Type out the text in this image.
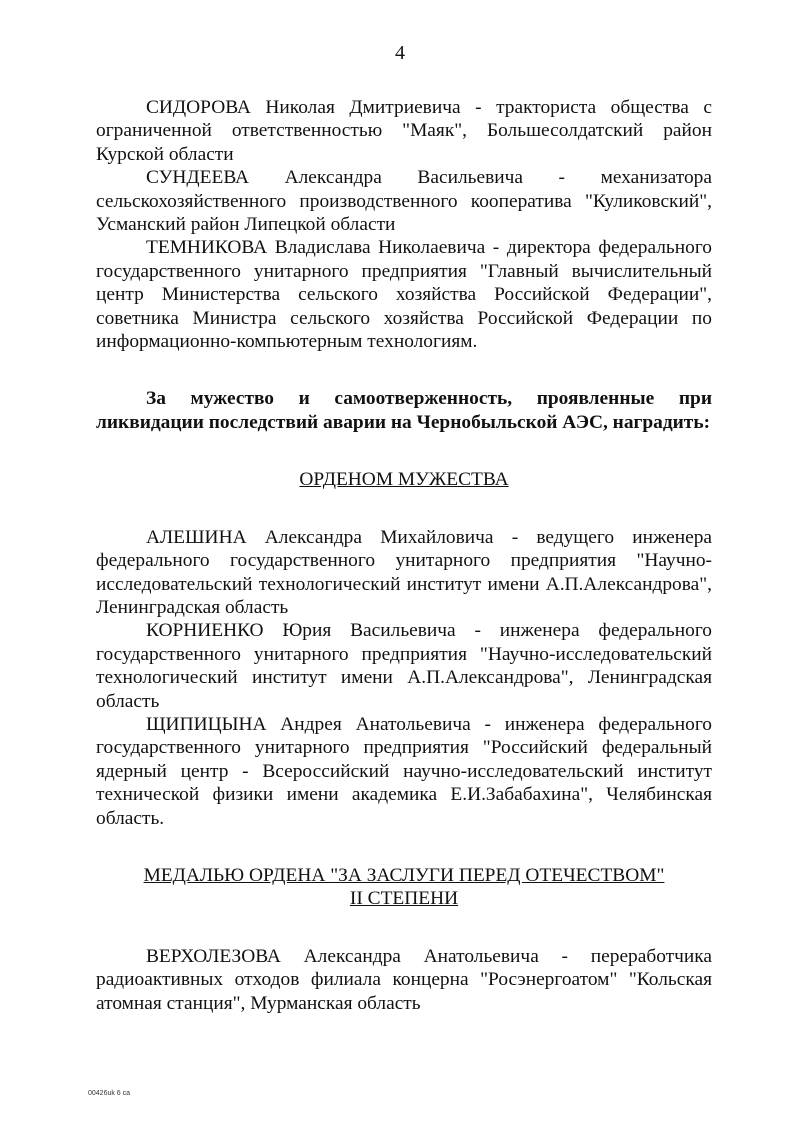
4

СИДОРОВА Николая Дмитриевича - тракториста общества с ограниченной ответственностью "Маяк", Большесолдатский район Курской области

СУНДЕЕВА Александра Васильевича - механизатора сельскохозяйственного производственного кооператива "Куликовский", Усманский район Липецкой области

ТЕМНИКОВА Владислава Николаевича - директора федерального государственного унитарного предприятия "Главный вычислительный центр Министерства сельского хозяйства Российской Федерации", советника Министра сельского хозяйства Российской Федерации по информационно-компьютерным технологиям.

За мужество и самоотверженность, проявленные при ликвидации последствий аварии на Чернобыльской АЭС, наградить:

ОРДЕНОМ МУЖЕСТВА

АЛЕШИНА Александра Михайловича - ведущего инженера федерального государственного унитарного предприятия "Научно-исследовательский технологический институт имени А.П.Александрова", Ленинградская область

КОРНИЕНКО Юрия Васильевича - инженера федерального государственного унитарного предприятия "Научно-исследовательский технологический институт имени А.П.Александрова", Ленинградская область

ЩИПИЦЫНА Андрея Анатольевича - инженера федерального государственного унитарного предприятия "Российский федеральный ядерный центр - Всероссийский научно-исследовательский институт технической физики имени академика Е.И.Забабахина", Челябинская область.

МЕДАЛЬЮ ОРДЕНА "ЗА ЗАСЛУГИ ПЕРЕД ОТЕЧЕСТВОМ"

II СТЕПЕНИ

ВЕРХОЛЕЗОВА Александра Анатольевича - переработчика радиоактивных отходов филиала концерна "Росэнергоатом" "Кольская атомная станция", Мурманская область

00426uk 6 ca
